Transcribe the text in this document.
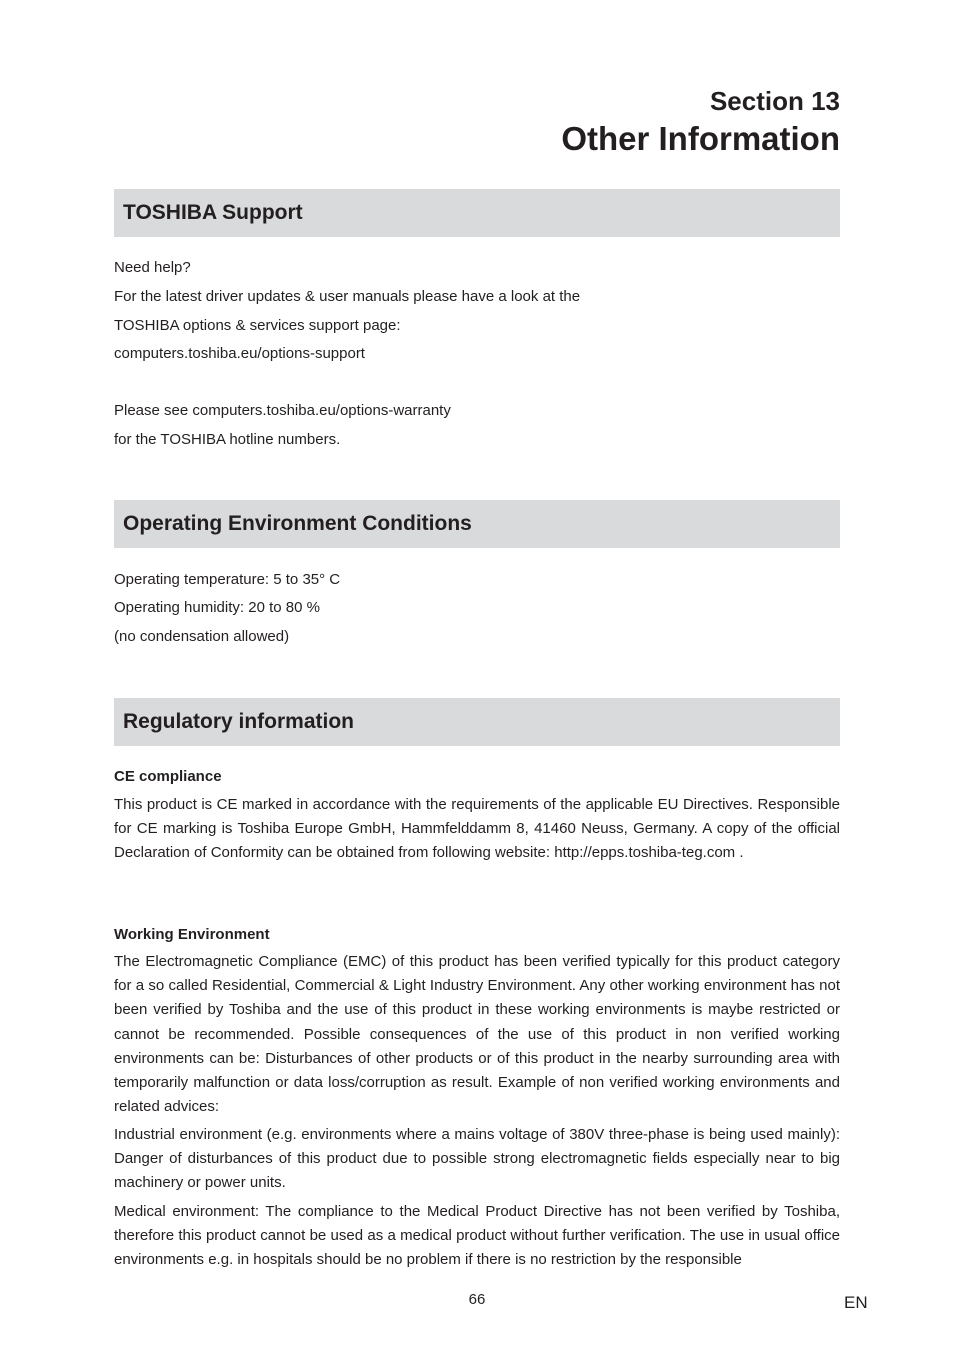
Section 13
Other Information
TOSHIBA Support
Need help?
For the latest driver updates & user manuals please have a look at the
TOSHIBA options & services support page:
computers.toshiba.eu/options-support
Please see computers.toshiba.eu/options-warranty
for the TOSHIBA hotline numbers.
Operating Environment Conditions
Operating temperature: 5 to 35° C
Operating humidity: 20 to 80 %
(no condensation allowed)
Regulatory information
CE compliance

This product is CE marked in accordance with the requirements of the applicable EU Directives. Responsible for CE marking is Toshiba Europe GmbH, Hammfelddamm 8, 41460 Neuss, Germany. A copy of the official Declaration of Conformity can be obtained from following website: http://epps.toshiba-teg.com .

Working Environment

The Electromagnetic Compliance (EMC) of this product has been verified typically for this product category for a so called Residential, Commercial & Light Industry Environment. Any other working environment has not been verified by Toshiba and the use of this product in these working environments is maybe restricted or cannot be recommended. Possible consequences of the use of this product in non verified working environments can be: Disturbances of other products or of this product in the nearby surrounding area with temporarily malfunction or data loss/corruption as result. Example of non verified working environments and related advices:

Industrial environment (e.g. environments where a mains voltage of 380V three-phase is being used mainly): Danger of disturbances of this product due to possible strong electromagnetic fields especially near to big machinery or power units.

Medical environment: The compliance to the Medical Product Directive has not been verified by Toshiba, therefore this product cannot be used as a medical product without further verification. The use in usual office environments e.g. in hospitals should be no problem if there is no restriction by the responsible

66	EN
